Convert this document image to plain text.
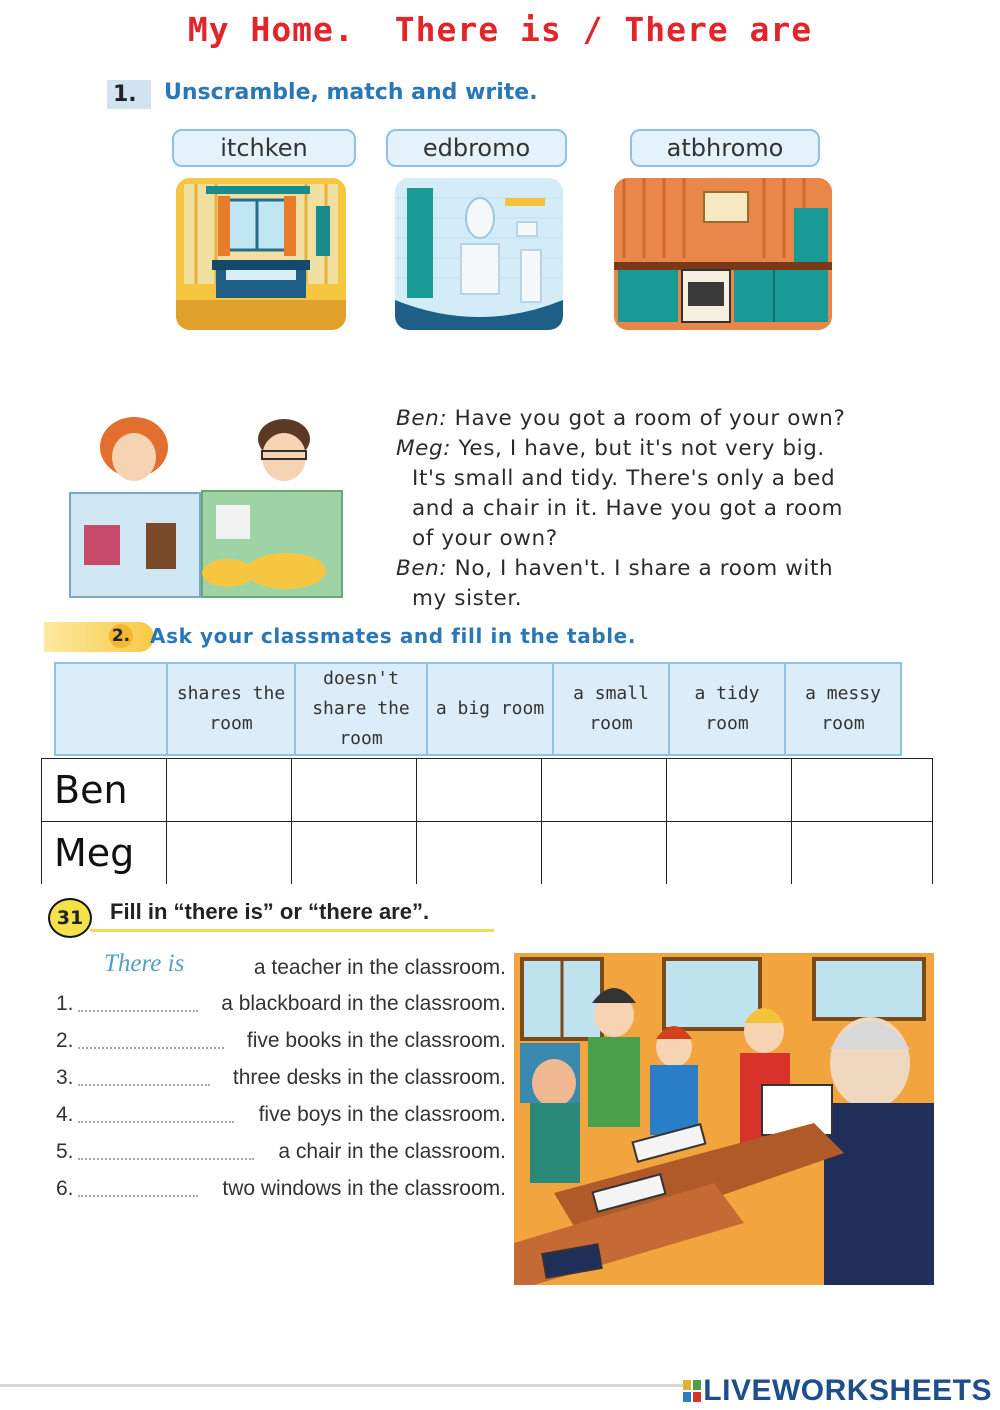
My Home. There is / There are
1.	Unscramble, match and write.
itchken	edbromo	atbhromo
Ben: Have you got a room of your own?
Meg: Yes, I have, but it's not very big.
It's small and tidy. There's only a bed
and a chair in it. Have you got a room
of your own?
Ben: No, I haven't. I share a room with
my sister.
2. Ask your classmates and fill in the table.
	shares the room	doesn't share the room	a big room	a small room	a tidy room	a messy room
Ben						
Meg						
31	Fill in “there is” or “there are”.
There is	a teacher in the classroom.
1.	a blackboard in the classroom.
2.	five books in the classroom.
3.	three desks in the classroom.
4.	five boys in the classroom.
5.	a chair in the classroom.
6.	two windows in the classroom.
LIVEWORKSHEETS
